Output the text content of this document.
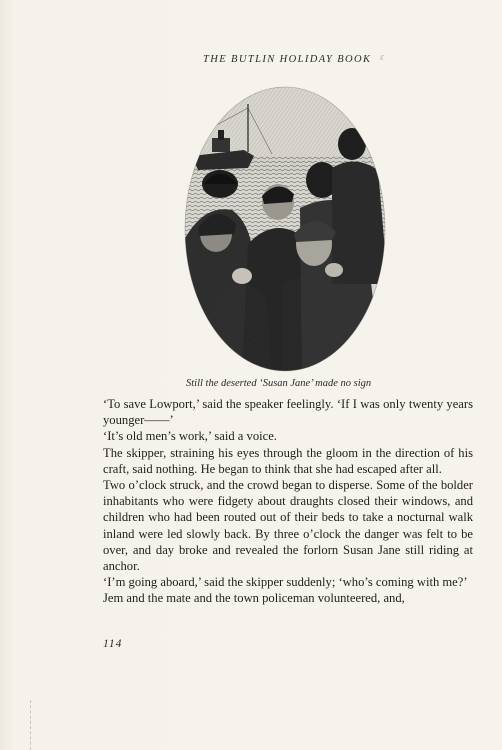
THE BUTLIN HOLIDAY BOOK ε
Still the deserted ‘Susan Jane’ made no sign

‘To save Lowport,’ said the speaker feelingly. ‘If I was only twenty years younger——’

‘It’s old men’s work,’ said a voice.

The skipper, straining his eyes through the gloom in the direction of his craft, said nothing. He began to think that she had escaped after all.

Two o’clock struck, and the crowd began to disperse. Some of the bolder inhabitants who were fidgety about draughts closed their windows, and children who had been routed out of their beds to take a nocturnal walk inland were led slowly back. By three o’clock the danger was felt to be over, and day broke and revealed the forlorn Susan Jane still riding at anchor.

‘I’m going aboard,’ said the skipper suddenly; ‘who’s coming with me?’

Jem and the mate and the town policeman volunteered, and,

114
